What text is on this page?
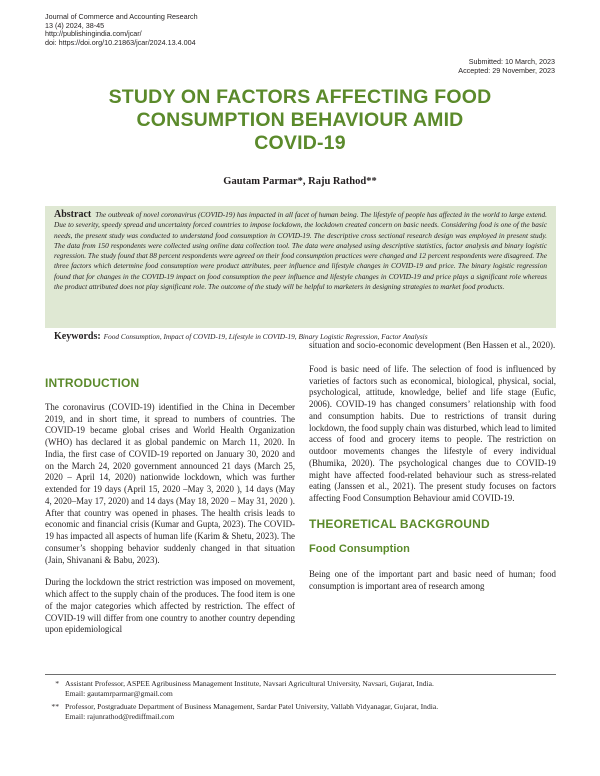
Journal of Commerce and Accounting Research
13 (4) 2024, 38-45
http://publishingindia.com/jcar/
doi: https://doi.org/10.21863/jcar/2024.13.4.004
Submitted: 10 March, 2023
Accepted: 29 November, 2023
STUDY ON FACTORS AFFECTING FOOD
CONSUMPTION BEHAVIOUR AMID
COVID-19
Gautam Parmar*, Raju Rathod**
Abstract The outbreak of novel coronavirus (COVID-19) has impacted in all facet of human being. The lifestyle of people has affected in the world to large extend. Due to severity, speedy spread and uncertainty forced countries to impose lockdown, the lockdown created concern on basic needs. Considering food is one of the basic needs, the present study was conducted to understand food consumption in COVID-19. The descriptive cross sectional research design was employed in present study. The data from 150 respondents were collected using online data collection tool. The data were analysed using descriptive statistics, factor analysis and binary logistic regression. The study found that 88 percent respondents were agreed on their food consumption practices were changed and 12 percent respondents were disagreed. The three factors which determine food consumption were product attributes, peer influence and lifestyle changes in COVID-19 and price. The binary logistic regression found that for changes in the COVID-19 impact on food consumption the peer influence and lifestyle changes in COVID-19 and price plays a significant role whereas the product attributed does not play significant role. The outcome of the study will be helpful to marketers in designing strategies to market food products.
Keywords: Food Consumption, Impact of COVID-19, Lifestyle in COVID-19, Binary Logistic Regression, Factor Analysis
INTRODUCTION

The coronavirus (COVID-19) identified in the China in December 2019, and in short time, it spread to numbers of countries. The COVID-19 became global crises and World Health Organization (WHO) has declared it as global pandemic on March 11, 2020. In India, the first case of COVID-19 reported on January 30, 2020 and on the March 24, 2020 government announced 21 days (March 25, 2020 – April 14, 2020) nationwide lockdown, which was further extended for 19 days (April 15, 2020 –May 3, 2020 ), 14 days (May 4, 2020–May 17, 2020) and 14 days (May 18, 2020 – May 31, 2020 ). After that country was opened in phases. The health crisis leads to economic and financial crisis (Kumar and Gupta, 2023). The COVID-19 has impacted all aspects of human life (Karim & Shetu, 2023). The consumer’s shopping behavior suddenly changed in that situation (Jain, Shivanani & Babu, 2023).

During the lockdown the strict restriction was imposed on movement, which affect to the supply chain of the produces. The food item is one of the major categories which affected by restriction. The effect of COVID-19 will differ from one country to another country depending upon epidemiological

situation and socio-economic development (Ben Hassen et al., 2020).

Food is basic need of life. The selection of food is influenced by varieties of factors such as economical, biological, physical, social, psychological, attitude, knowledge, belief and life stage (Eufic, 2006). COVID-19 has changed consumers’ relationship with food and consumption habits. Due to restrictions of transit during lockdown, the food supply chain was disturbed, which lead to limited access of food and grocery items to people. The restriction on outdoor movements changes the lifestyle of every individual (Bhumika, 2020). The psychological changes due to COVID-19 might have affected food-related behaviour such as stress-related eating (Janssen et al., 2021). The present study focuses on factors affecting Food Consumption Behaviour amid COVID-19.

THEORETICAL BACKGROUND
Food Consumption

Being one of the important part and basic need of human; food consumption is important area of research among

* Assistant Professor, ASPEE Agribusiness Management Institute, Navsari Agricultural University, Navsari, Gujarat, India.
Email: gautamrparmar@gmail.com
** Professor, Postgraduate Department of Business Management, Sardar Patel University, Vallabh Vidyanagar, Gujarat, India.
Email: rajunrathod@rediffmail.com
